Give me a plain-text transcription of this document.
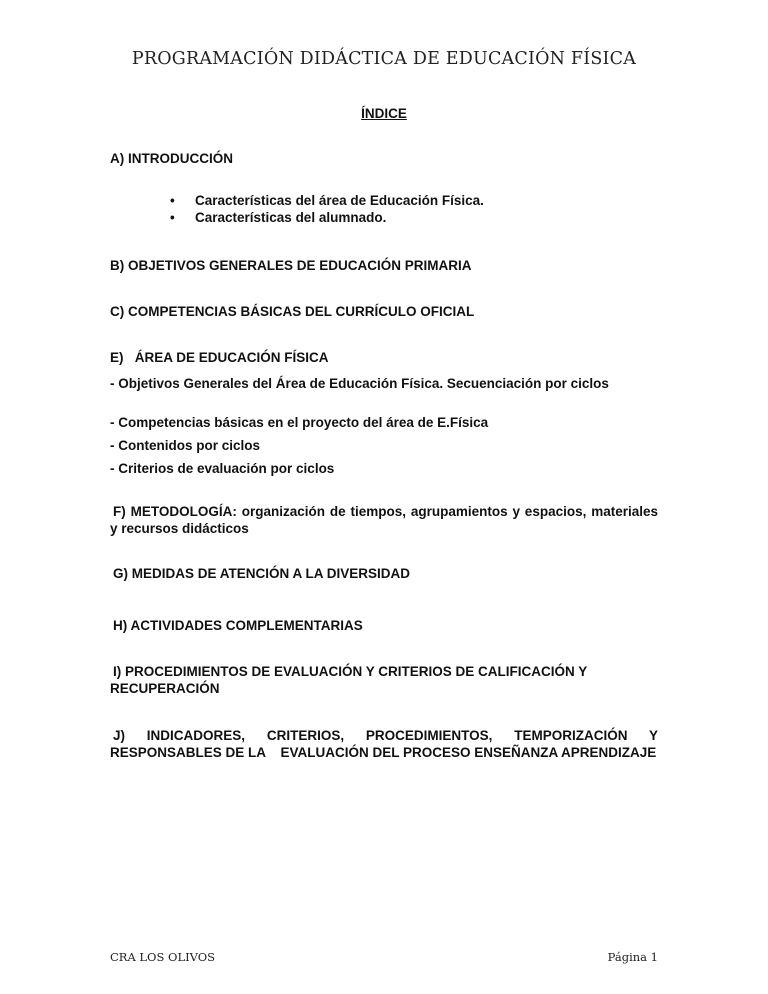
PROGRAMACIÓN DIDÁCTICA DE EDUCACIÓN FÍSICA
ÍNDICE
A) INTRODUCCIÓN
• Características del área de Educación Física.
• Características del alumnado.
B) OBJETIVOS GENERALES DE EDUCACIÓN PRIMARIA
C) COMPETENCIAS BÁSICAS DEL CURRÍCULO OFICIAL
E)   ÁREA DE EDUCACIÓN FÍSICA
- Objetivos Generales del Área de Educación Física. Secuenciación por ciclos
- Competencias básicas en el proyecto del área de E.Física
- Contenidos por ciclos
- Criterios de evaluación por ciclos
F) METODOLOGÍA: organización de tiempos, agrupamientos y espacios, materiales y recursos didácticos
G) MEDIDAS DE ATENCIÓN A LA DIVERSIDAD
H) ACTIVIDADES COMPLEMENTARIAS
I) PROCEDIMIENTOS DE EVALUACIÓN Y CRITERIOS DE CALIFICACIÓN Y RECUPERACIÓN
J) INDICADORES, CRITERIOS, PROCEDIMIENTOS, TEMPORIZACIÓN Y RESPONSABLES DE LA    EVALUACIÓN DEL PROCESO ENSEÑANZA APRENDIZAJE
CRA LOS OLIVOS	Página 1
